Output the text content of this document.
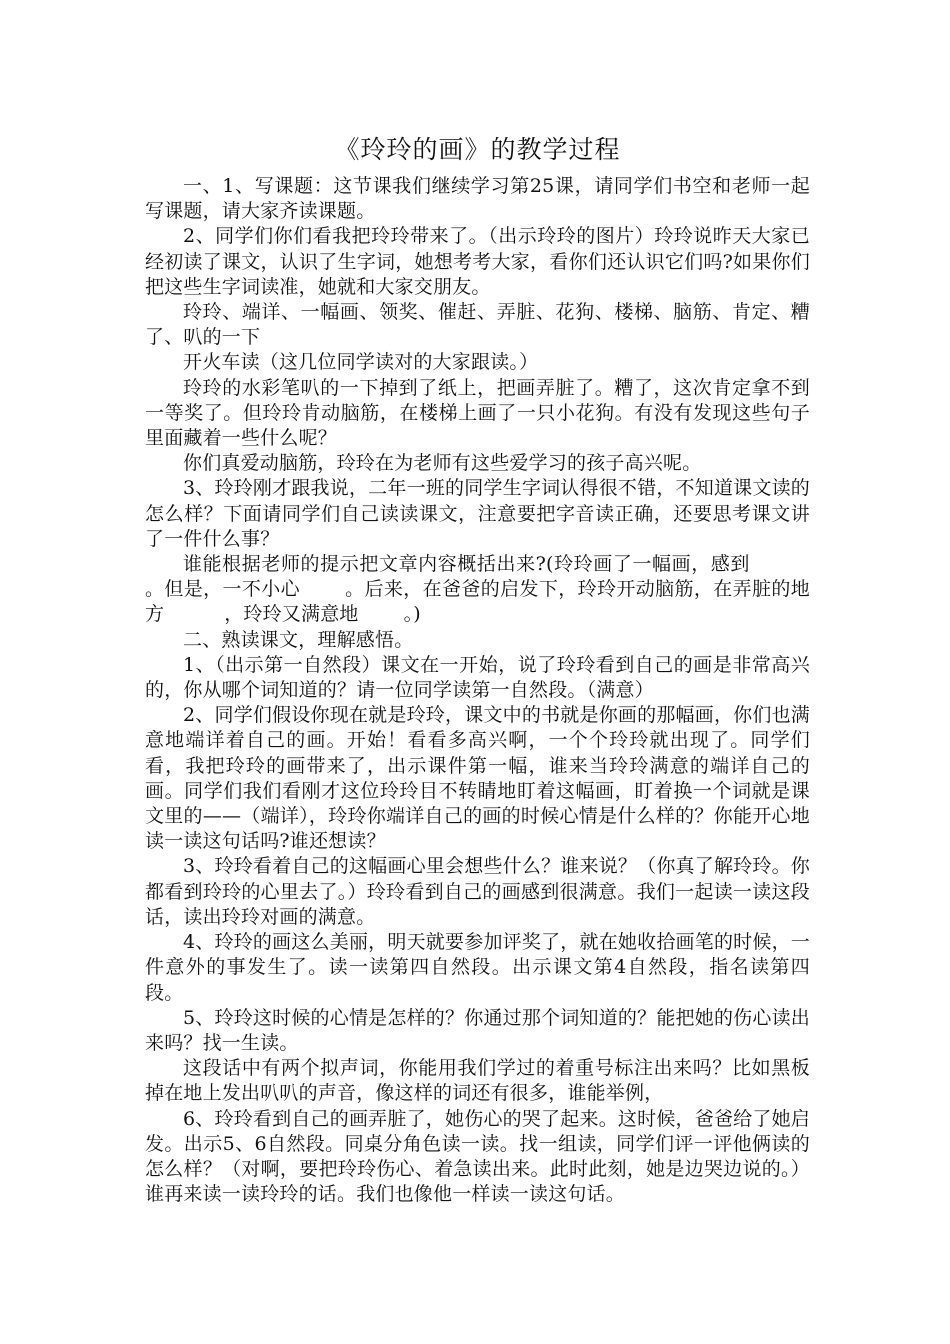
《玲玲的画》的教学过程

一、1、写课题：这节课我们继续学习第25课，请同学们书空和老师一起写课题，请大家齐读课题。

2、同学们你们看我把玲玲带来了。（出示玲玲的图片）玲玲说昨天大家已经初读了课文，认识了生字词，她想考考大家，看你们还认识它们吗?如果你们把这些生字词读准，她就和大家交朋友。

玲玲、端详、一幅画、领奖、催赶、弄脏、花狗、楼梯、脑筋、肯定、糟了、叭的一下

开火车读（这几位同学读对的大家跟读。）

玲玲的水彩笔叭的一下掉到了纸上，把画弄脏了。糟了，这次肯定拿不到一等奖了。但玲玲肯动脑筋，在楼梯上画了一只小花狗。有没有发现这些句子里面藏着一些什么呢？

你们真爱动脑筋，玲玲在为老师有这些爱学习的孩子高兴呢。

3、玲玲刚才跟我说，二年一班的同学生字词认得很不错，不知道课文读的怎么样？下面请同学们自己读读课文，注意要把字音读正确，还要思考课文讲了一件什么事？

谁能根据老师的提示把文章内容概括出来?(玲玲画了一幅画，感到。但是，一不小心 。后来，在爸爸的启发下，玲玲开动脑筋，在弄脏的地方	，玲玲又满意地 。)

二、熟读课文，理解感悟。

1、（出示第一自然段）课文在一开始，说了玲玲看到自己的画是非常高兴的，你从哪个词知道的？请一位同学读第一自然段。（满意）

2、同学们假设你现在就是玲玲，课文中的书就是你画的那幅画，你们也满意地端详着自己的画。开始！看看多高兴啊，一个个玲玲就出现了。同学们看，我把玲玲的画带来了，出示课件第一幅，谁来当玲玲满意的端详自己的画。同学们我们看刚才这位玲玲目不转睛地盯着这幅画，盯着换一个词就是课文里的——（端详），玲玲你端详自己的画的时候心情是什么样的？你能开心地读一读这句话吗?谁还想读？

3、玲玲看着自己的这幅画心里会想些什么？谁来说？（你真了解玲玲。你都看到玲玲的心里去了。）玲玲看到自己的画感到很满意。我们一起读一读这段话，读出玲玲对画的满意。

4、玲玲的画这么美丽，明天就要参加评奖了，就在她收拾画笔的时候，一件意外的事发生了。读一读第四自然段。出示课文第4自然段，指名读第四段。

5、玲玲这时候的心情是怎样的？你通过那个词知道的？能把她的伤心读出来吗？找一生读。

这段话中有两个拟声词，你能用我们学过的着重号标注出来吗？比如黑板掉在地上发出叭叭的声音，像这样的词还有很多，谁能举例，

6、玲玲看到自己的画弄脏了，她伤心的哭了起来。这时候，爸爸给了她启发。出示5、6自然段。同桌分角色读一读。找一组读，同学们评一评他俩读的怎么样？（对啊，要把玲玲伤心、着急读出来。此时此刻，她是边哭边说的。）谁再来读一读玲玲的话。我们也像他一样读一读这句话。
